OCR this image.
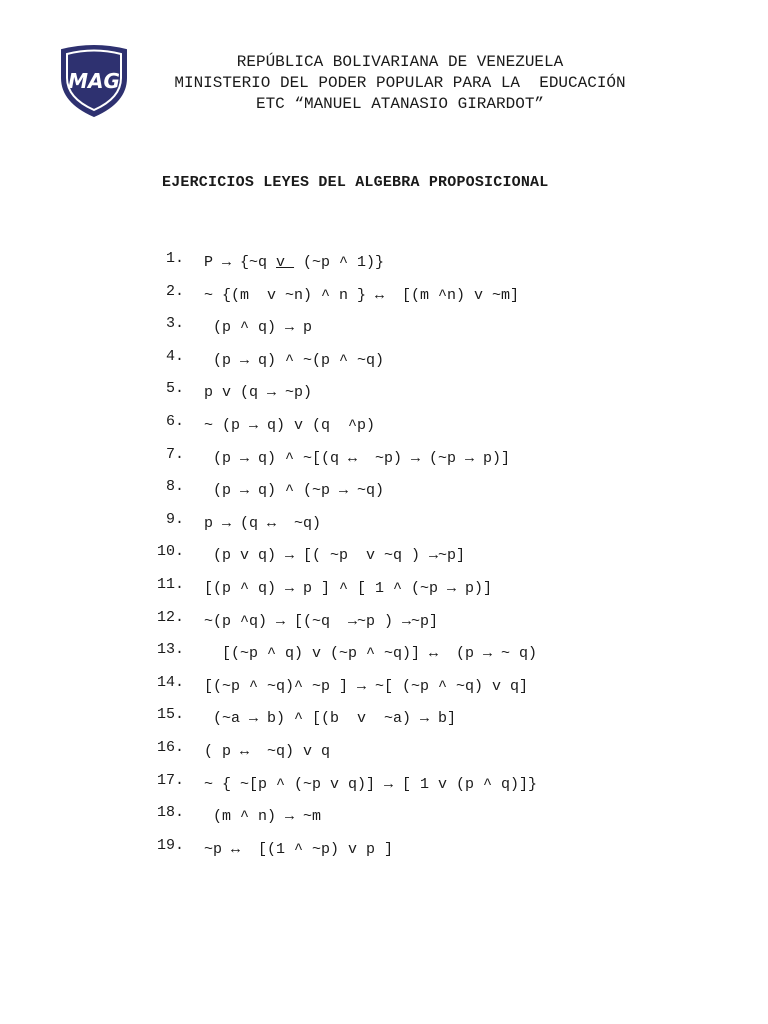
MAG
REPÚBLICA BOLIVARIANA DE VENEZUELA
MINISTERIO DEL PODER POPULAR PARA LA  EDUCACIÓN
ETC “MANUEL ATANASIO GIRARDOT”
EJERCICIOS LEYES DEL ALGEBRA PROPOSICIONAL

1.

P → {~q v  (~p ^ 1)}

2.

~ {(m  v ~n) ^ n } ↔  [(m ^n) v ~m]

3.

(p ^ q) → p

4.

(p → q) ^ ~(p ^ ~q)

5.

p v (q → ~p)

6.

~ (p → q) v (q  ^p)

7.

(p → q) ^ ~[(q ↔  ~p) → (~p → p)]

8.

(p → q) ^ (~p → ~q)

9.

p → (q ↔  ~q)

10.

(p v q) → [( ~p  v ~q ) →~p]

11.

[(p ^ q) → p ] ^ [ 1 ^ (~p → p)]

12.

~(p ^q) → [(~q  →~p ) →~p]

13.

[(~p ^ q) v (~p ^ ~q)] ↔  (p → ~ q)

14.

[(~p ^ ~q)^ ~p ] → ~[ (~p ^ ~q) v q]

15.

(~a → b) ^ [(b  v  ~a) → b]

16.

( p ↔  ~q) v q

17.

~ { ~[p ^ (~p v q)] → [ 1 v (p ^ q)]}

18.

(m ^ n) → ~m

19.

~p ↔  [(1 ^ ~p) v p ]
